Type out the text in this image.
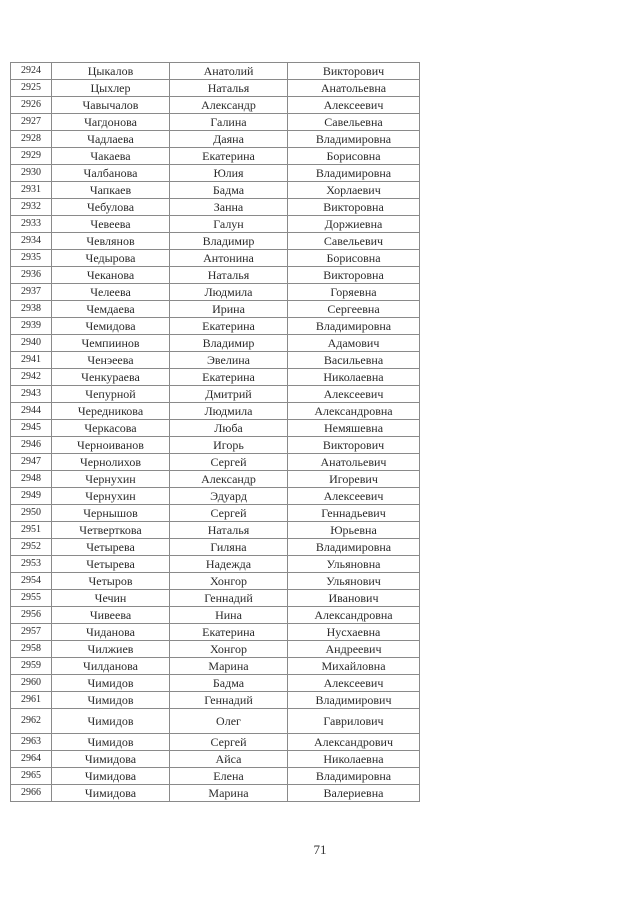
2924	Цыкалов	Анатолий	Викторович
2925	Цыхлер	Наталья	Анатольевна
2926	Чавычалов	Александр	Алексеевич
2927	Чагдонова	Галина	Савельевна
2928	Чадлаева	Даяна	Владимировна
2929	Чакаева	Екатерина	Борисовна
2930	Чалбанова	Юлия	Владимировна
2931	Чапкаев	Бадма	Хорлаевич
2932	Чебулова	Занна	Викторовна
2933	Чевеева	Галун	Доржиевна
2934	Чевлянов	Владимир	Савельевич
2935	Чедырова	Антонина	Борисовна
2936	Чеканова	Наталья	Викторовна
2937	Челеева	Людмила	Горяевна
2938	Чемдаева	Ирина	Сергеевна
2939	Чемидова	Екатерина	Владимировна
2940	Чемпиинов	Владимир	Адамович
2941	Ченэеева	Эвелина	Васильевна
2942	Ченкураева	Екатерина	Николаевна
2943	Чепурной	Дмитрий	Алексеевич
2944	Чередникова	Людмила	Александровна
2945	Черкасова	Люба	Немяшевна
2946	Черноиванов	Игорь	Викторович
2947	Чернолихов	Сергей	Анатольевич
2948	Чернухин	Александр	Игоревич
2949	Чернухин	Эдуард	Алексеевич
2950	Чернышов	Сергей	Геннадьевич
2951	Четверткова	Наталья	Юрьевна
2952	Четырева	Гиляна	Владимировна
2953	Четырева	Надежда	Ульяновна
2954	Четыров	Хонгор	Ульянович
2955	Чечин	Геннадий	Иванович
2956	Чивеева	Нина	Александровна
2957	Чиданова	Екатерина	Нусхаевна
2958	Чилжиев	Хонгор	Андреевич
2959	Чилданова	Марина	Михайловна
2960	Чимидов	Бадма	Алексеевич
2961	Чимидов	Геннадий	Владимирович
2962	Чимидов	Олег	Гаврилович
2963	Чимидов	Сергей	Александрович
2964	Чимидова	Айса	Николаевна
2965	Чимидова	Елена	Владимировна
2966	Чимидова	Марина	Валериевна
71
